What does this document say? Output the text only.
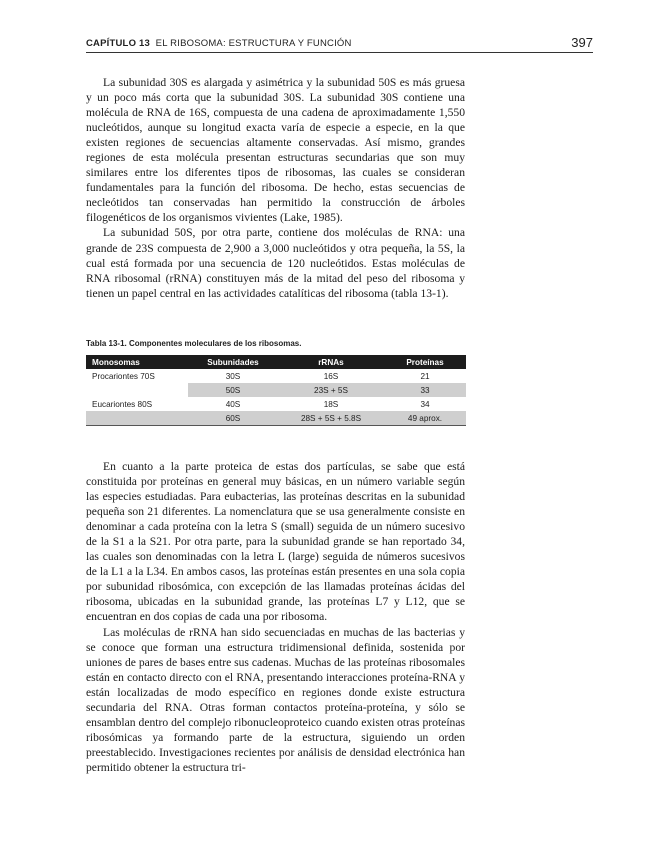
CAPÍTULO 13 EL RIBOSOMA: ESTRUCTURA Y FUNCIÓN	397

La subunidad 30S es alargada y asimétrica y la subunidad 50S es más gruesa y un poco más corta que la subunidad 30S. La subunidad 30S contiene una molécula de RNA de 16S, compuesta de una cadena de aproximadamente 1,550 nucleótidos, aunque su longitud exacta varía de especie a especie, en la que existen regiones de secuencias altamente conservadas. Así mismo, grandes regiones de esta molécula presentan estructuras secundarias que son muy similares entre los diferentes tipos de ribosomas, las cuales se consideran fundamentales para la función del ribosoma. De hecho, estas secuencias de necleótidos tan conservadas han permitido la construcción de árboles filogenéticos de los organismos vivientes (Lake, 1985).

La subunidad 50S, por otra parte, contiene dos moléculas de RNA: una grande de 23S compuesta de 2,900 a 3,000 nucleótidos y otra pequeña, la 5S, la cual está formada por una secuencia de 120 nucleótidos. Estas moléculas de RNA ribosomal (rRNA) constituyen más de la mitad del peso del ribosoma y tienen un papel central en las actividades catalíticas del ribosoma (tabla 13-1).

Tabla 13-1. Componentes moleculares de los ribosomas.
Monosomas	Subunidades	rRNAs	Proteínas
Procariontes 70S	30S	16S	21
	50S	23S + 5S	33
Eucariontes 80S	40S	18S	34
	60S	28S + 5S + 5.8S	49 aprox.

En cuanto a la parte proteica de estas dos partículas, se sabe que está constituida por proteínas en general muy básicas, en un número variable según las especies estudiadas. Para eubacterias, las proteínas descritas en la subunidad pequeña son 21 diferentes. La nomenclatura que se usa generalmente consiste en denominar a cada proteína con la letra S (small) seguida de un número sucesivo de la S1 a la S21. Por otra parte, para la subunidad grande se han reportado 34, las cuales son denominadas con la letra L (large) seguida de números sucesivos de la L1 a la L34. En ambos casos, las proteínas están presentes en una sola copia por subunidad ribosómica, con excepción de las llamadas proteínas ácidas del ribosoma, ubicadas en la subunidad grande, las proteínas L7 y L12, que se encuentran en dos copias de cada una por ribosoma.

Las moléculas de rRNA han sido secuenciadas en muchas de las bacterias y se conoce que forman una estructura tridimensional definida, sostenida por uniones de pares de bases entre sus cadenas. Muchas de las proteínas ribosomales están en contacto directo con el RNA, presentando interacciones proteína-RNA y están localizadas de modo específico en regiones donde existe estructura secundaria del RNA. Otras forman contactos proteína-proteína, y sólo se ensamblan dentro del complejo ribonucleoproteico cuando existen otras proteínas ribosómicas ya formando parte de la estructura, siguiendo un orden preestablecido. Investigaciones recientes por análisis de densidad electrónica han permitido obtener la estructura tri-
